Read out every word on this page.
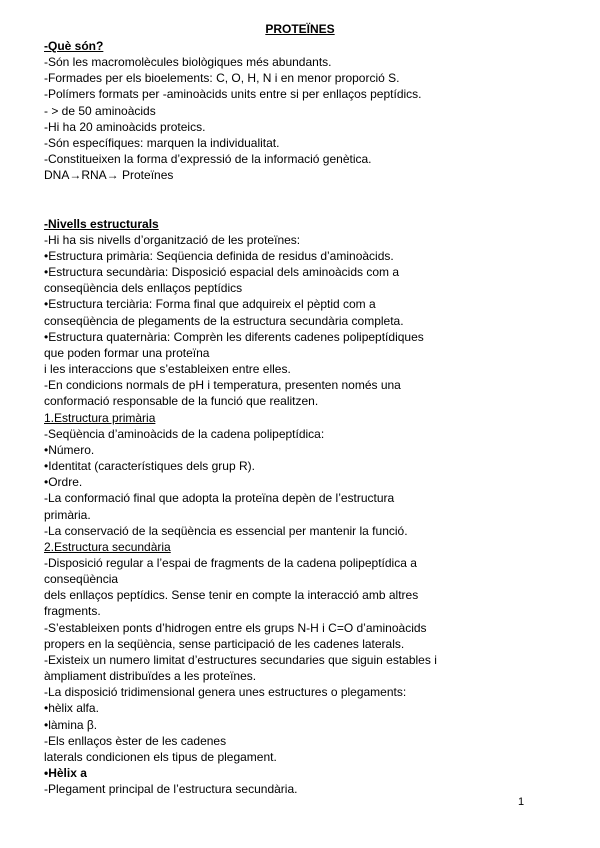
PROTEÏNES
-Què són?
-Són les macromolècules biològiques més abundants.
-Formades per els bioelements: C, O, H, N i en menor proporció S.
-Polímers formats per -aminoàcids units entre si per enllaços peptídics.
- > de 50 aminoàcids
-Hi ha 20 aminoàcids proteics.
-Són específiques: marquen la individualitat.
-Constitueixen la forma d’expressió de la informació genètica.
DNA→RNA→ Proteïnes
-Nivells estructurals
-Hi ha sis nivells d’organització de les proteïnes:
•Estructura primària: Seqüencia definida de residus d’aminoàcids.
•Estructura secundària: Disposició espacial dels aminoàcids com a
conseqüència dels enllaços peptídics
•Estructura terciària: Forma final que adquireix el pèptid com a
conseqüència de plegaments de la estructura secundària completa.
•Estructura quaternària: Comprèn les diferents cadenes polipeptídiques
que poden formar una proteïna
i les interaccions que s’estableixen entre elles.
-En condicions normals de pH i temperatura, presenten només una
conformació responsable de la funció que realitzen.
1.Estructura primària
-Seqüència d’aminoàcids de la cadena polipeptídica:
•Número.
•Identitat (característiques dels grup R).
•Ordre.
-La conformació final que adopta la proteïna depèn de l’estructura
primària.
-La conservació de la seqüència es essencial per mantenir la funció.
2.Estructura secundària
-Disposició regular a l’espai de fragments de la cadena polipeptídica a
conseqüència
dels enllaços peptídics. Sense tenir en compte la interacció amb altres
fragments.
-S’estableixen ponts d’hidrogen entre els grups N-H i C=O d’aminoàcids
propers en la seqüència, sense participació de les cadenes laterals.
-Existeix un numero limitat d’estructures secundaries que siguin estables i
àmpliament distribuïdes a les proteïnes.
-La disposició tridimensional genera unes estructures o plegaments:
•hèlix alfa.
•làmina β.
-Els enllaços èster de les cadenes
laterals condicionen els tipus de plegament.
•Hèlix a
-Plegament principal de l’estructura secundària.
1
